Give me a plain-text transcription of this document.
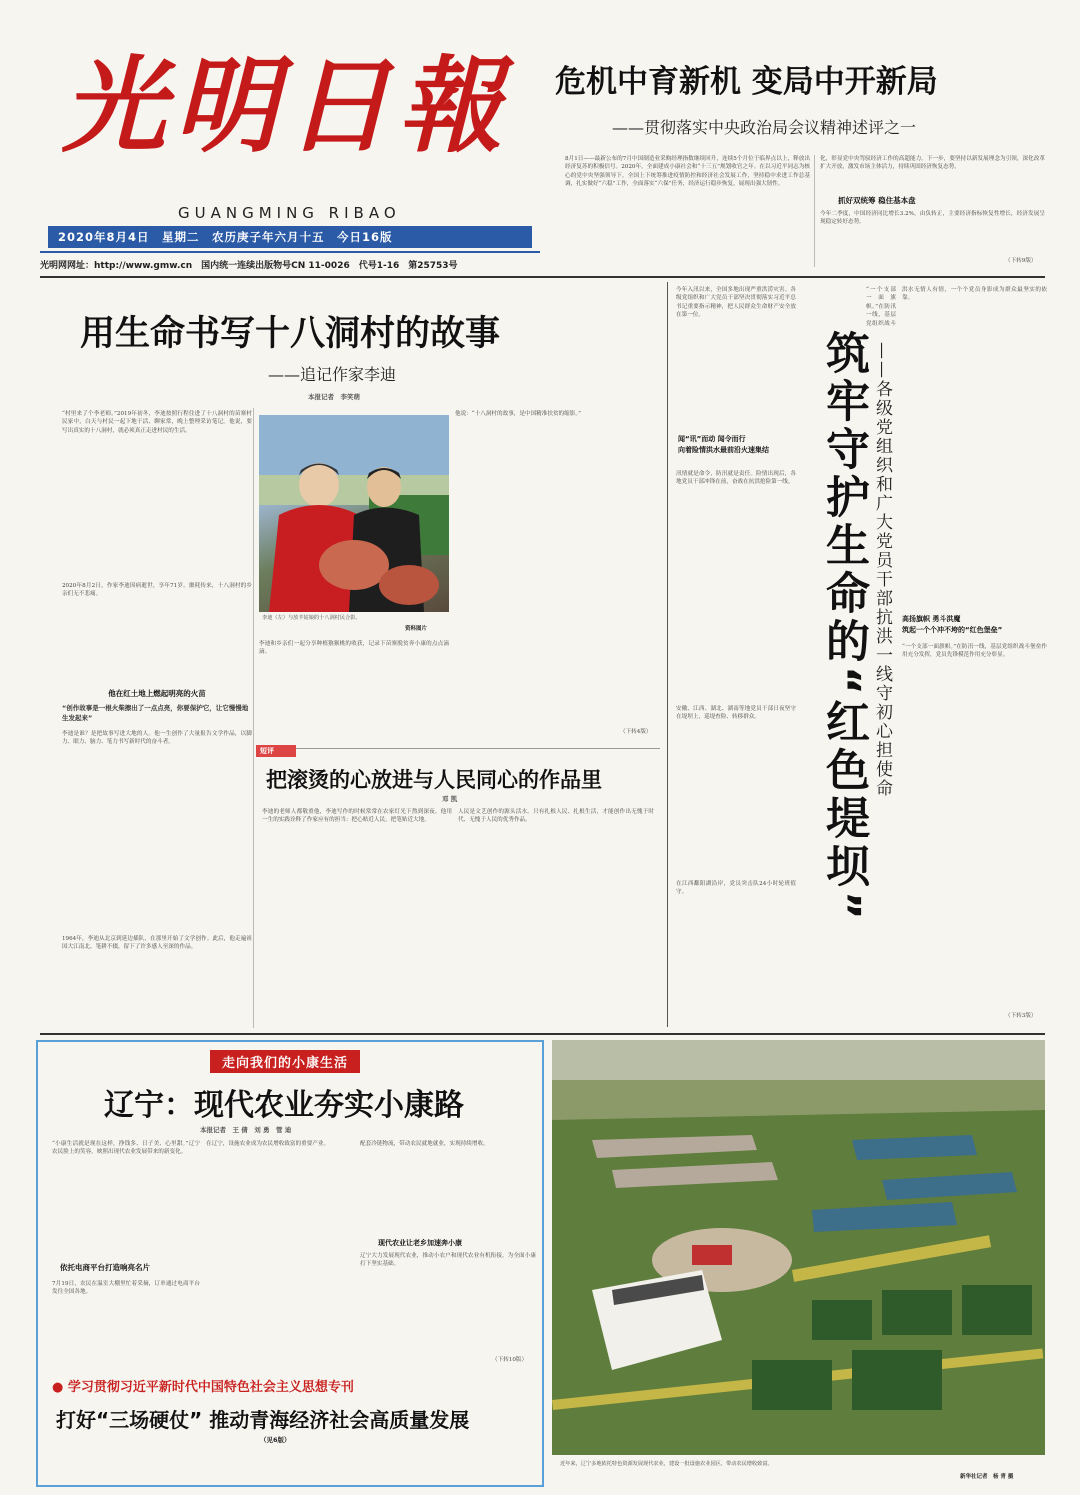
光明日報
GUANGMING RIBAO
2020年8月4日　星期二　农历庚子年六月十五　今日16版
光明网网址：http://www.gmw.cn　国内统一连续出版物号CN 11-0026　代号1-16　第25753号
危机中育新机 变局中开新局
——贯彻落实中央政治局会议精神述评之一
8月1日——最新公布的7月中国制造业采购经理指数继续回升，连续5个月位于临界点以上，释放出经济复苏的积极信号。2020年，全面建成小康社会和“十三五”规划收官之年。在以习近平同志为核心的党中央坚强领导下，全国上下统筹推进疫情防控和经济社会发展工作，坚持稳中求进工作总基调，扎实做好“六稳”工作，全面落实“六保”任务，经济运行稳步恢复，展现出强大韧性。
化，彰显党中央驾驭经济工作的高超能力。下一步，要坚持以新发展理念为引领，深化改革扩大开放，激发市场主体活力，持续巩固经济恢复态势。
抓好双统筹 稳住基本盘
今年二季度，中国经济同比增长3.2%，由负转正，主要经济指标恢复性增长，经济发展呈现稳定转好态势。
（下转9版）
用生命书写十八洞村的故事
——追记作家李迪
本报记者　李笑萌
“村里来了个李老师。”2019年初冬，李迪按照行程住进了十八洞村的苗寨村民家中，白天与村民一起下地干活、聊家常，晚上整理采访笔记。他说，要写出真实的十八洞村，就必须真正走进村民的生活。
2020年8月2日，作家李迪因病逝世，享年71岁。噩耗传来，十八洞村的乡亲们无不悲痛。
他在红土地上燃起明亮的火苗
“创作故事是一根火柴擦出了一点点亮，你要保护它，让它慢慢地生发起来”
李迪是谁？是把故事写进大地的人。他一生创作了大量报告文学作品，以脚力、眼力、脑力、笔力书写新时代的奋斗者。
1964年，李迪从北京到延边插队，在那里开始了文学创作。此后，他走遍祖国大江南北，笔耕不辍，留下了许多感人至深的作品。
李迪（左）与放羊姑娘的十八洞村民合影。
资料图片
李迪和乡亲们一起分享种植猕猴桃的收获，记录下苗寨脱贫奔小康的点点滴滴。
他说：“十八洞村的故事，是中国精准扶贫的缩影。”
（下转4版）
短评
把滚烫的心放进与人民同心的作品里
邓 凯
李迪的老师人都敬重他，李迪写作的时候常常在农家灯光下熬到深夜。他用一生的实践诠释了作家应有的担当：把心贴近人民，把笔贴近大地。
人民是文艺创作的源头活水。只有扎根人民、扎根生活，才能创作出无愧于时代、无愧于人民的优秀作品。
今年入汛以来，全国多地出现严重洪涝灾害。各级党组织和广大党员干部坚决贯彻落实习近平总书记重要指示精神，把人民群众生命财产安全放在第一位。
闻“讯”而动 闻令而行
向着险情洪水最前沿火速集结
汛情就是命令，防汛就是责任。险情出现后，各地党员干部冲锋在前，奋战在抗洪抢险第一线。
安徽、江西、湖北、湖南等地党员干部日夜坚守在堤坝上，巡堤查险、转移群众。
在江西鄱阳湖沿岸，党员突击队24小时轮班值守。	筑牢守护生命的“红色堤坝” ——各级党组织和广大党员干部抗洪一线守初心担使命
“一个支部一面旗帜。”在防汛一线，基层党组织战斗
洪水无情人有情，一个个党员身影成为群众最坚实的依靠。
高扬旗帜 勇斗洪魔
筑起一个个冲不垮的“红色堡垒”
“一个支部一面旗帜。”在防汛一线，基层党组织战斗堡垒作用充分发挥，党员先锋模范作用充分彰显。
（下转3版）
走向我们的小康生活
辽宁：现代农业夯实小康路
本报记者　王 倩　刘 勇　管 迪
“小康生活就是现在这样，挣钱多、日子美、心里甜。”辽宁农民脸上的笑容，映照出现代农业发展带来的新变化。
依托电商平台打造响亮名片
7月19日，农民在温室大棚里忙着采摘，订单通过电商平台发往全国各地。
在辽宁，设施农业成为农民增收致富的重要产业。	配套冷链物流，带动农民就地就业，实现持续增收。
现代农业让老乡加速奔小康
辽宁大力发展现代农业，推动小农户和现代农业有机衔接，为全面小康打下坚实基础。
（下转10版）
● 学习贯彻习近平新时代中国特色社会主义思想专刊
打好“三场硬仗” 推动青海经济社会高质量发展
（见6版）
近年来，辽宁多地依托特色资源发展现代农业，建设一批设施农业园区，带动农民增收致富。
新华社记者　杨 青 摄
